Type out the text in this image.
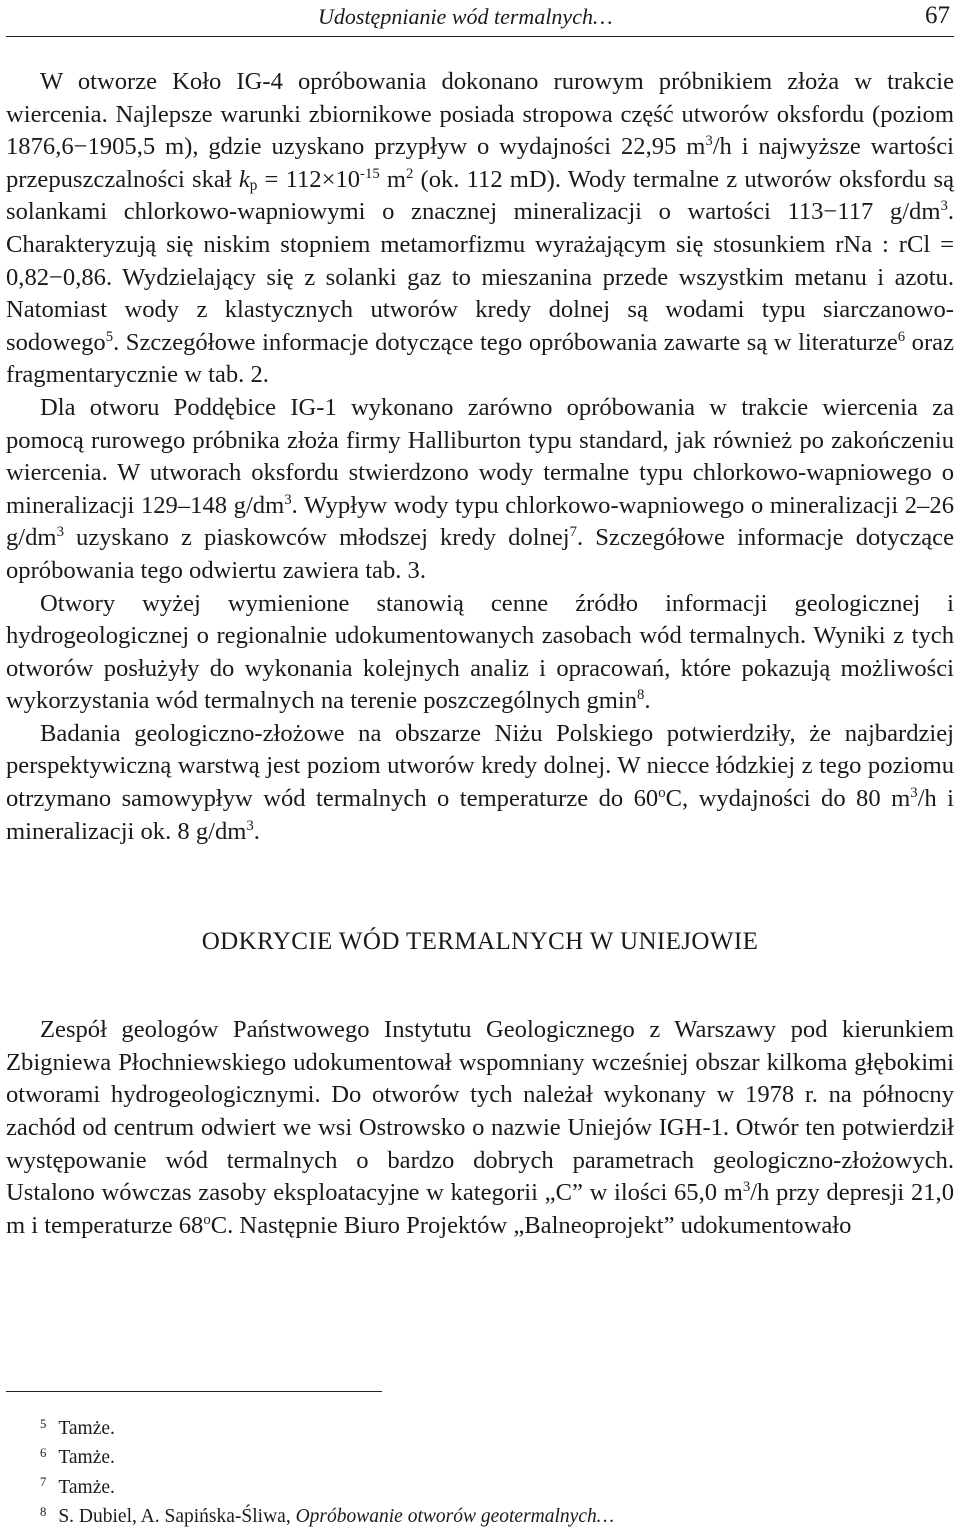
Udostępnianie wód termalnych…	67

W otworze Koło IG-4 opróbowania dokonano rurowym próbnikiem złoża w trakcie wiercenia. Najlepsze warunki zbiornikowe posiada stropowa część utworów oksfordu (poziom 1876,6−1905,5 m), gdzie uzyskano przypływ o wydajności 22,95 $m^3/h$ i najwyższe wartości przepuszczalności skał $k_p = 112\times 10^{-15}$ $m^2$ (ok. 112 mD). Wody termalne z utworów oksfordu są solankami chlorkowo-wapniowymi o znacznej mineralizacji o wartości 113−117 $g/dm^3$. Charakteryzują się niskim stopniem metamorfizmu wyrażającym się stosunkiem rNa : rCl = 0,82−0,86. Wydzielający się z solanki gaz to mieszanina przede wszystkim metanu i azotu. Natomiast wody z klastycznych utworów kredy dolnej są wodami typu siarczanowo-sodowego$^5$. Szczegółowe informacje dotyczące tego opróbowania zawarte są w literaturze$^6$ oraz fragmentarycznie w tab. 2.

Dla otworu Poddębice IG-1 wykonano zarówno opróbowania w trakcie wiercenia za pomocą rurowego próbnika złoża firmy Halliburton typu standard, jak również po zakończeniu wiercenia. W utworach oksfordu stwierdzono wody termalne typu chlorkowo-wapniowego o mineralizacji 129–148 $g/dm^3$. Wypływ wody typu chlorkowo-wapniowego o mineralizacji 2–26 $g/dm^3$ uzyskano z piaskowców młodszej kredy dolnej$^7$. Szczegółowe informacje dotyczące opróbowania tego odwiertu zawiera tab. 3.

Otwory wyżej wymienione stanowią cenne źródło informacji geologicznej i hydrogeologicznej o regionalnie udokumentowanych zasobach wód termalnych. Wyniki z tych otworów posłużyły do wykonania kolejnych analiz i opracowań, które pokazują możliwości wykorzystania wód termalnych na terenie poszczególnych gmin$^8$.

Badania geologiczno-złożowe na obszarze Niżu Polskiego potwierdziły, że najbardziej perspektywiczną warstwą jest poziom utworów kredy dolnej. W niecce łódzkiej z tego poziomu otrzymano samowypływ wód termalnych o temperaturze do 60$^o$C, wydajności do 80 $m^3/h$ i mineralizacji ok. 8 $g/dm^3$.

ODKRYCIE WÓD TERMALNYCH W UNIEJOWIE

Zespół geologów Państwowego Instytutu Geologicznego z Warszawy pod kierunkiem Zbigniewa Płochniewskiego udokumentował wspomniany wcześniej obszar kilkoma głębokimi otworami hydrogeologicznymi. Do otworów tych należał wykonany w 1978 r. na północny zachód od centrum odwiert we wsi Ostrowsko o nazwie Uniejów IGH-1. Otwór ten potwierdził występowanie wód termalnych o bardzo dobrych parametrach geologiczno-złożowych. Ustalono wówczas zasoby eksploatacyjne w kategorii „C” w ilości 65,0 $m^3/h$ przy depresji 21,0 m i temperaturze 68$^o$C. Następnie Biuro Projektów „Balneoprojekt” udokumentowało

$^5$ Tamże.
$^6$ Tamże.
$^7$ Tamże.
$^8$ S. Dubiel, A. Sapińska-Śliwa, Opróbowanie otworów geotermalnych…
